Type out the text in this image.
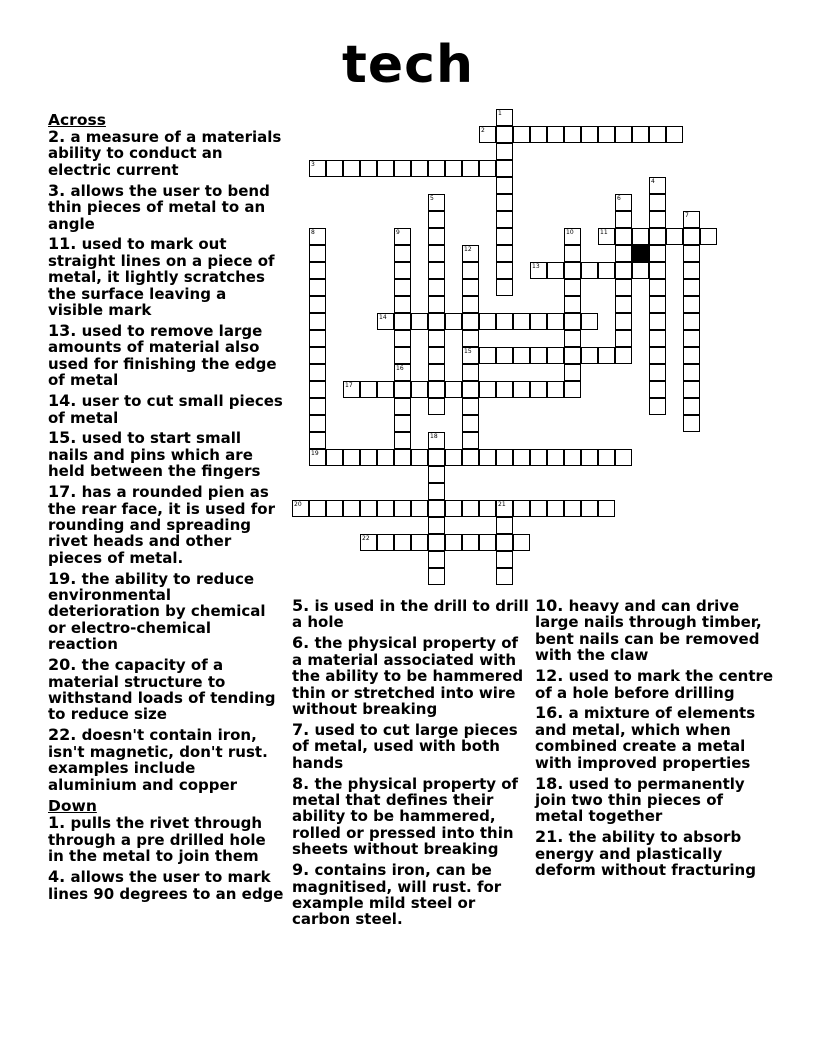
tech
1
2
3
4
5	6
7
8	9	10	11
12
13
14
15
16
17
18
19
20	21
22
Across
2. a measure of a materials ability to conduct an electric current
3. allows the user to bend thin pieces of metal to an angle
11. used to mark out straight lines on a piece of metal, it lightly scratches the surface leaving a visible mark
13. used to remove large amounts of material also used for finishing the edge of metal
14. user to cut small pieces of metal
15. used to start small nails and pins which are held between the fingers
17. has a rounded pien as the rear face, it is used for rounding and spreading rivet heads and other pieces of metal.
19. the ability to reduce environmental deterioration by chemical or electro-chemical reaction
20. the capacity of a material structure to withstand loads of tending to reduce size
22. doesn't contain iron, isn't magnetic, don't rust. examples include aluminium and copper
Down
1. pulls the rivet through through a pre drilled hole in the metal to join them
4. allows the user to mark lines 90 degrees to an edge
5. is used in the drill to drill a hole
6. the physical property of a material associated with the ability to be hammered thin or stretched into wire without breaking
7. used to cut large pieces of metal, used with both hands
8. the physical property of metal that defines their ability to be hammered, rolled or pressed into thin sheets without breaking
9. contains iron, can be magnitised, will rust. for example mild steel or carbon steel.
10. heavy and can drive large nails through timber, bent nails can be removed with the claw
12. used to mark the centre of a hole before drilling
16. a mixture of elements and metal, which when combined create a metal with improved properties
18. used to permanently join two thin pieces of metal together
21. the ability to absorb energy and plastically deform without fracturing
